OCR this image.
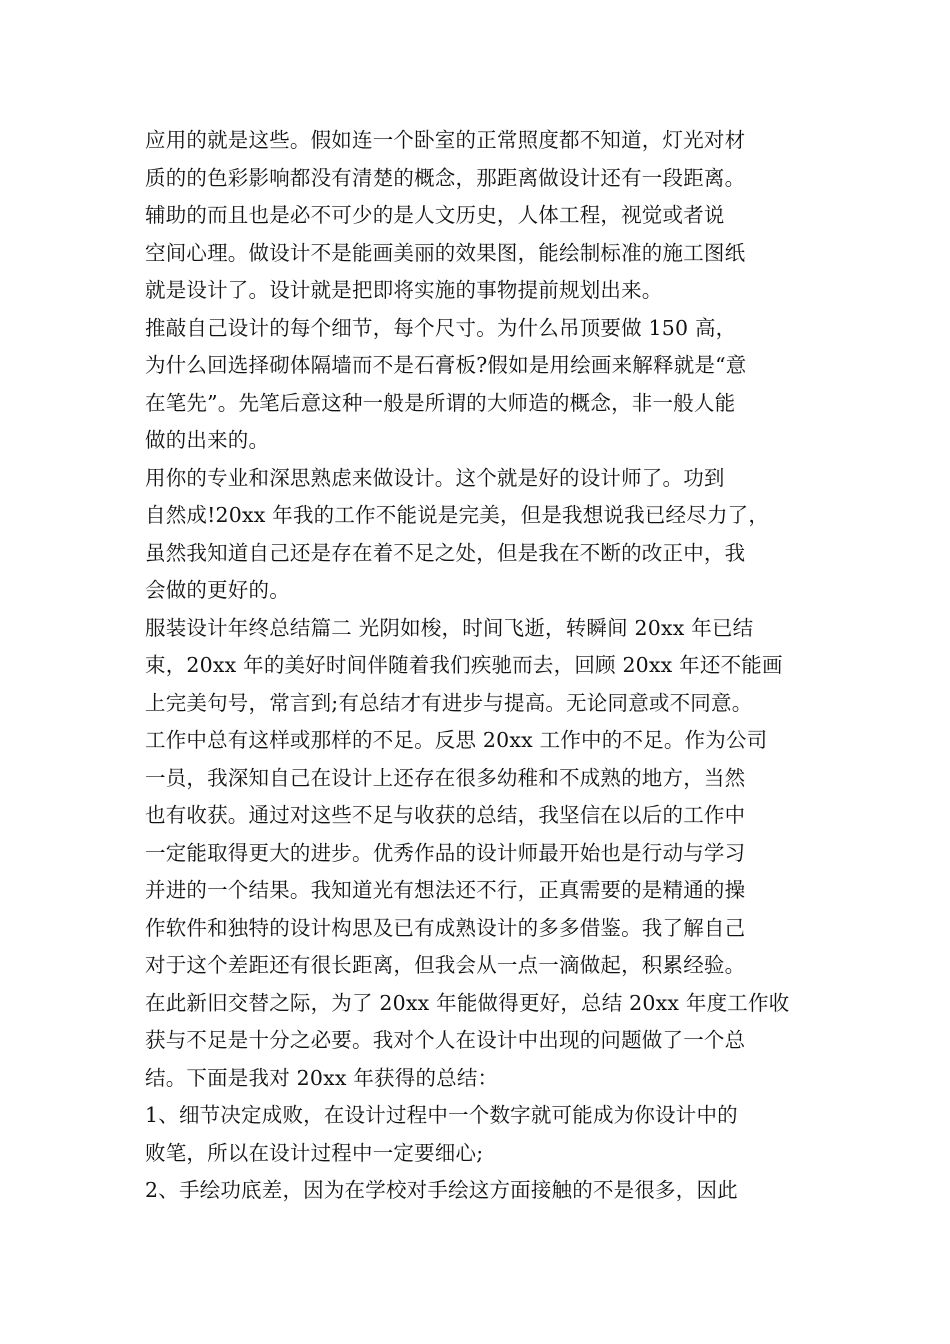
应用的就是这些。假如连一个卧室的正常照度都不知道，灯光对材
质的的色彩影响都没有清楚的概念，那距离做设计还有一段距离。
辅助的而且也是必不可少的是人文历史，人体工程，视觉或者说
空间心理。做设计不是能画美丽的效果图，能绘制标准的施工图纸
就是设计了。设计就是把即将实施的事物提前规划出来。
推敲自己设计的每个细节，每个尺寸。为什么吊顶要做 150 高，
为什么回选择砌体隔墙而不是石膏板?假如是用绘画来解释就是“意
在笔先”。先笔后意这种一般是所谓的大师造的概念，非一般人能
做的出来的。
用你的专业和深思熟虑来做设计。这个就是好的设计师了。功到
自然成!20xx 年我的工作不能说是完美，但是我想说我已经尽力了，
虽然我知道自己还是存在着不足之处，但是我在不断的改正中，我
会做的更好的。
服装设计年终总结篇二 光阴如梭，时间飞逝，转瞬间 20xx 年已结
束，20xx 年的美好时间伴随着我们疾驰而去，回顾 20xx 年还不能画
上完美句号，常言到;有总结才有进步与提高。无论同意或不同意。
工作中总有这样或那样的不足。反思 20xx 工作中的不足。作为公司
一员，我深知自己在设计上还存在很多幼稚和不成熟的地方，当然
也有收获。通过对这些不足与收获的总结，我坚信在以后的工作中
一定能取得更大的进步。优秀作品的设计师最开始也是行动与学习
并进的一个结果。我知道光有想法还不行，正真需要的是精通的操
作软件和独特的设计构思及已有成熟设计的多多借鉴。我了解自己
对于这个差距还有很长距离，但我会从一点一滴做起，积累经验。
在此新旧交替之际，为了 20xx 年能做得更好，总结 20xx 年度工作收
获与不足是十分之必要。我对个人在设计中出现的问题做了一个总
结。下面是我对 20xx 年获得的总结：
1、细节决定成败，在设计过程中一个数字就可能成为你设计中的
败笔，所以在设计过程中一定要细心;
2、手绘功底差，因为在学校对手绘这方面接触的不是很多，因此
